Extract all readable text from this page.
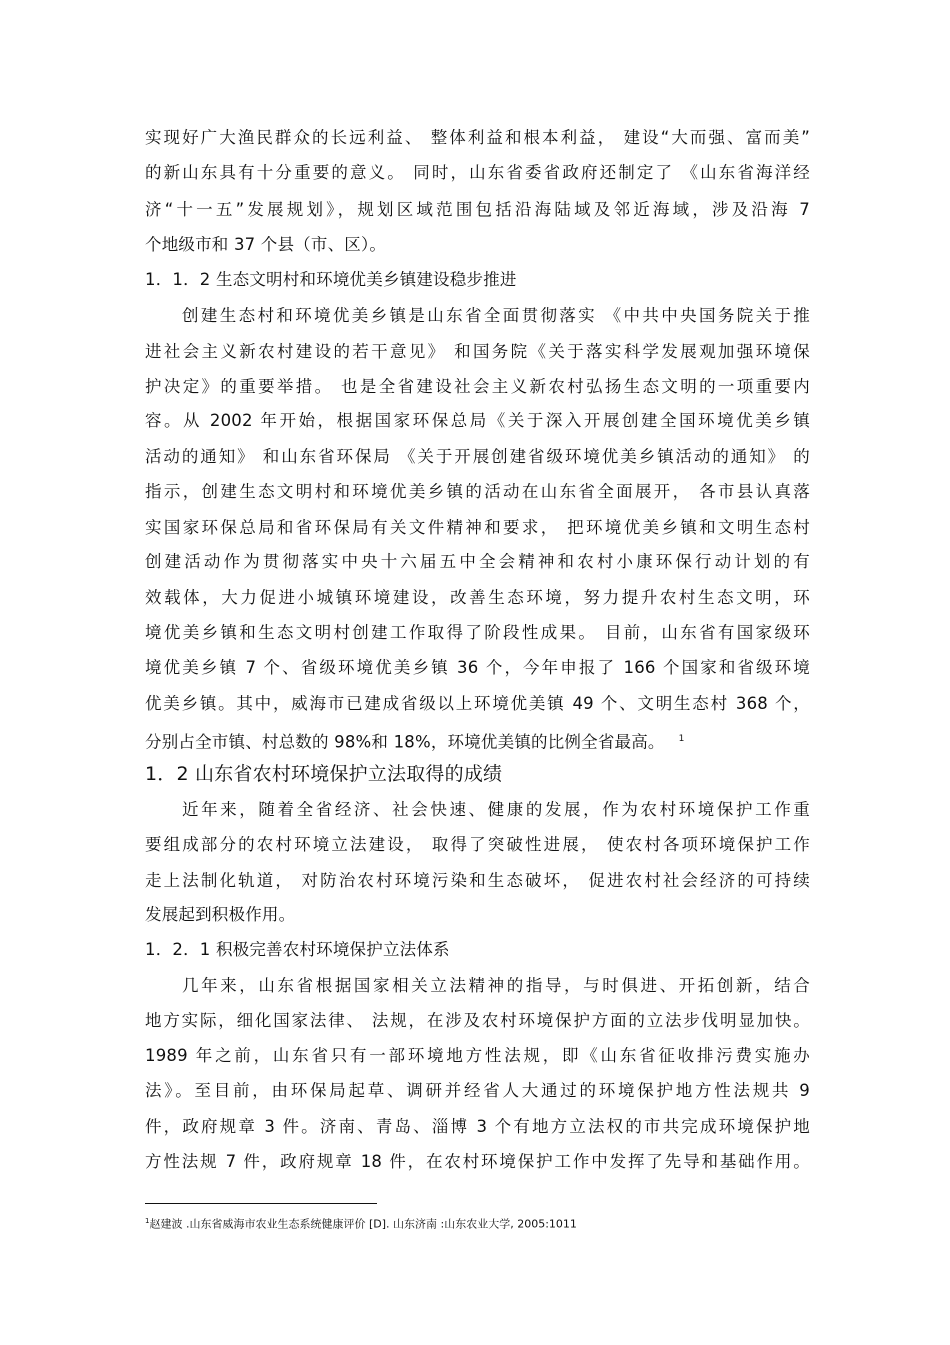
实现好广大渔民群众的长远利益、 整体利益和根本利益， 建设“大而强、富而美”
的新山东具有十分重要的意义。 同时，山东省委省政府还制定了 《山东省海洋经
济“十一五”发展规划》，规划区域范围包括沿海陆域及邻近海域，涉及沿海 7
个地级市和 37 个县（市、区）。
1．1．2 生态文明村和环境优美乡镇建设稳步推进
创建生态村和环境优美乡镇是山东省全面贯彻落实 《中共中央国务院关于推
进社会主义新农村建设的若干意见》 和国务院《关于落实科学发展观加强环境保
护决定》的重要举措。 也是全省建设社会主义新农村弘扬生态文明的一项重要内
容。从 2002 年开始，根据国家环保总局《关于深入开展创建全国环境优美乡镇
活动的通知》 和山东省环保局 《关于开展创建省级环境优美乡镇活动的通知》 的
指示，创建生态文明村和环境优美乡镇的活动在山东省全面展开， 各市县认真落
实国家环保总局和省环保局有关文件精神和要求， 把环境优美乡镇和文明生态村
创建活动作为贯彻落实中央十六届五中全会精神和农村小康环保行动计划的有
效载体，大力促进小城镇环境建设，改善生态环境，努力提升农村生态文明，环
境优美乡镇和生态文明村创建工作取得了阶段性成果。 目前，山东省有国家级环
境优美乡镇 7 个、省级环境优美乡镇 36 个，今年申报了 166 个国家和省级环境
优美乡镇。其中，威海市已建成省级以上环境优美镇 49 个、文明生态村 368 个，
分别占全市镇、村总数的 98%和 18%，环境优美镇的比例全省最高。 $^1$
1．2 山东省农村环境保护立法取得的成绩
近年来，随着全省经济、社会快速、健康的发展，作为农村环境保护工作重
要组成部分的农村环境立法建设， 取得了突破性进展， 使农村各项环境保护工作
走上法制化轨道， 对防治农村环境污染和生态破坏， 促进农村社会经济的可持续
发展起到积极作用。
1．2．1 积极完善农村环境保护立法体系
几年来，山东省根据国家相关立法精神的指导，与时俱进、开拓创新，结合
地方实际，细化国家法律、 法规，在涉及农村环境保护方面的立法步伐明显加快。
1989 年之前，山东省只有一部环境地方性法规，即《山东省征收排污费实施办
法》。至目前，由环保局起草、调研并经省人大通过的环境保护地方性法规共 9
件，政府规章 3 件。济南、青岛、淄博 3 个有地方立法权的市共完成环境保护地
方性法规 7 件，政府规章 18 件，在农村环境保护工作中发挥了先导和基础作用。
$^1$赵建波 .山东省威海市农业生态系统健康评价 [D]. 山东济南 :山东农业大学, 2005:1011
